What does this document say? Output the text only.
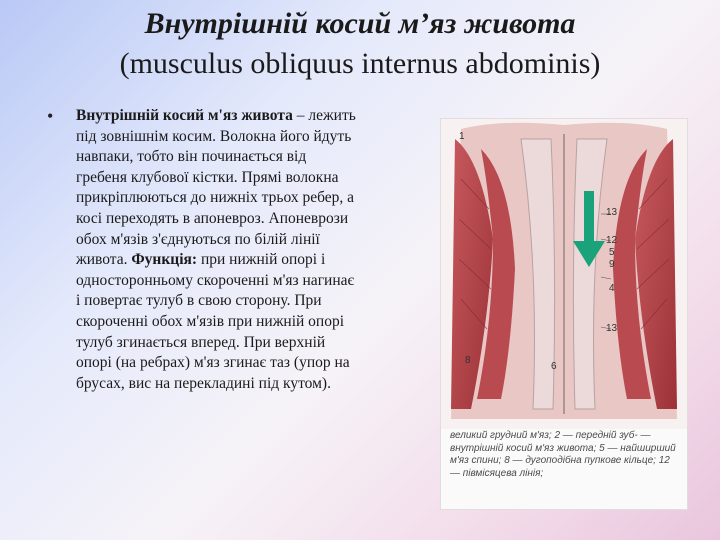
Внутрішній косий м’яз живота (musculus obliquus internus abdominis)
• Внутрішній косий м'яз живота – лежить під зовнішнім косим. Волокна його йдуть навпаки, тобто він починається від гребеня клубової кістки. Прямі волокна прикріплюються до нижніх трьох ребер, а косі переходять в апоневроз. Апоневрози обох м'язів з'єднуються по білій лінії живота. Функція: при нижній опорі і односторонньому скороченні м'яз нагинає і повертає тулуб в свою сторону. При скороченні обох м'язів при нижній опорі тулуб згинається вперед. При верхній опорі (на ребрах) м'яз згинає таз (упор на брусах, вис на перекладині під кутом).
1
13
12
5
9
4
13
8
6
великий грудний м'яз; 2 — передній зуб- — внутрішній косий м'яз живота; 5 — найширший м'яз спини; 8 — дугоподібна пупкове кільце; 12 — півмісяцева лінія;
